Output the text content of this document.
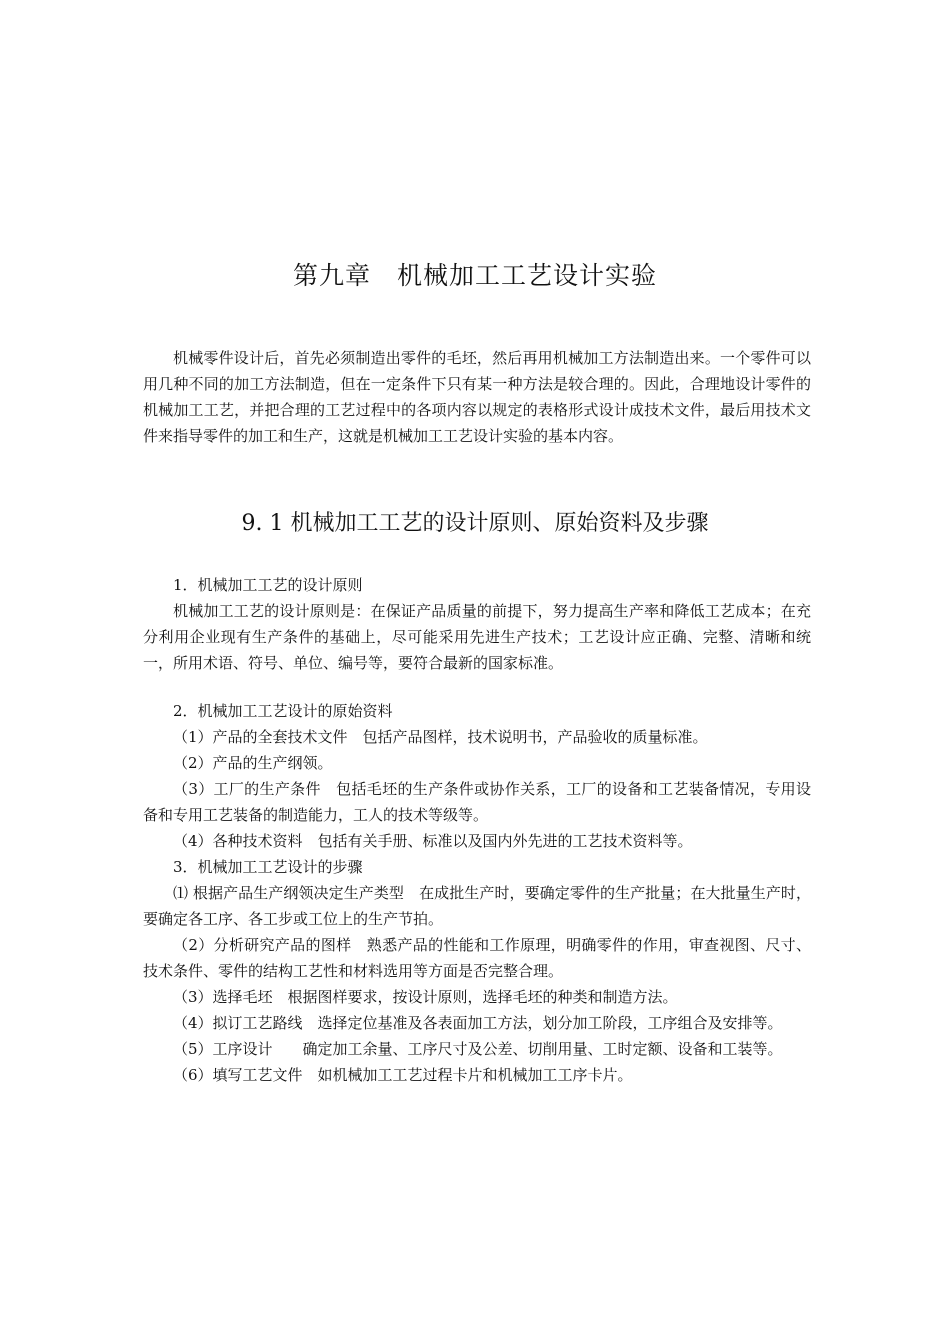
第九章　机械加工工艺设计实验

机械零件设计后，首先必须制造出零件的毛坯，然后再用机械加工方法制造出来。一个零件可以用几种不同的加工方法制造，但在一定条件下只有某一种方法是较合理的。因此，合理地设计零件的机械加工工艺，并把合理的工艺过程中的各项内容以规定的表格形式设计成技术文件，最后用技术文件来指导零件的加工和生产，这就是机械加工工艺设计实验的基本内容。

9. 1 机械加工工艺的设计原则、原始资料及步骤

1．机械加工工艺的设计原则

机械加工工艺的设计原则是：在保证产品质量的前提下，努力提高生产率和降低工艺成本；在充分利用企业现有生产条件的基础上，尽可能采用先进生产技术；工艺设计应正确、完整、清晰和统一，所用术语、符号、单位、编号等，要符合最新的国家标准。

2．机械加工工艺设计的原始资料

（1）产品的全套技术文件　包括产品图样，技术说明书，产品验收的质量标准。

（2）产品的生产纲领。

（3）工厂的生产条件　包括毛坯的生产条件或协作关系，工厂的设备和工艺装备情况，专用设备和专用工艺装备的制造能力，工人的技术等级等。

（4）各种技术资料　包括有关手册、标准以及国内外先进的工艺技术资料等。

3．机械加工工艺设计的步骤

⑴ 根据产品生产纲领决定生产类型　在成批生产时，要确定零件的生产批量；在大批量生产时，要确定各工序、各工步或工位上的生产节拍。

（2）分析研究产品的图样　熟悉产品的性能和工作原理，明确零件的作用，审查视图、尺寸、技术条件、零件的结构工艺性和材料选用等方面是否完整合理。

（3）选择毛坯　根据图样要求，按设计原则，选择毛坯的种类和制造方法。

（4）拟订工艺路线　选择定位基准及各表面加工方法，划分加工阶段，工序组合及安排等。

（5）工序设计　　确定加工余量、工序尺寸及公差、切削用量、工时定额、设备和工装等。

（6）填写工艺文件　如机械加工工艺过程卡片和机械加工工序卡片。
